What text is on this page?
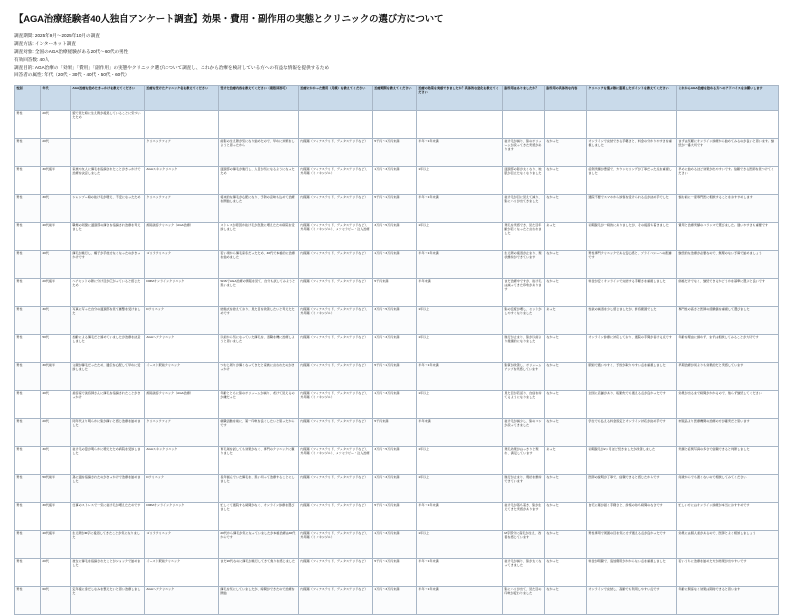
【AGA治療経験者40人独自アンケート調査】効果・費用・副作用の実態とクリニックの選び方について
調査期間: 2025年9月～2025年10月の調査
調査方法: インターネット調査
調査対象: 全国のAGA治療経験がある20代～60代の男性
有効回答数: 40人
調査目的: AGA治療の「効果」「費用」「副作用」の実態やクリニック選びについて調査し、これから治療を検討している方への有益な情報を提供するため
回答者の属性: 年代（20代・30代・40代・50代・60代）
性別	年代	AGA治療を始めたきっかけを教えてください	治療を受けたクリニック名を教えてください	受けた治療内容を教えてください（複数回答可）	治療にかかった費用（月額）を教えてください	治療期間を教えてください	治療の効果を実感できましたか？具体的な変化を教えてください	副作用はありましたか？	副作用の具体的な内容	クリニックを選ぶ際に重視したポイントを教えてください	これからAGA治療を始める方へのアドバイスをお願いします

男性	20代	鏡で見た時に生え際が後退していることに気づいたため									

男性	20代		クリニックフォア	前髪の生え際が気になり始めたので、早めに対策をしようと思ったから	内服薬（フィナステリド、デュタステリドなど）	5千円～1万円未満	半年～1年未満	抜け毛が減り、髪のボリュームが戻ってきた実感があります	なかった	オンラインで完結できる手軽さと、料金の分かりやすさを重視しました	まずは気軽にオンライン診療から始めてみるのが良いと思います。継続が一番大切です

男性	30代後半	家族や友人に薄毛を指摘されたことがきっかけで治療を決意しました	AGAスキンクリニック	頭頂部の薄毛が進行し、人目が気になるようになったため	内服薬（フィナステリド、デュタステリドなど）、外用薬（ミノキシジル）	1万円～3万円未満	1年以上	頭頂部の髪が太くなり、地肌が目立たなくなりました	なかった	症例実績が豊富で、カウンセリングが丁寧だった点を重視しました	早めに始めるほど効果が出やすいです。信頼できる医師を見つけてください

男性	30代	シャンプー時の抜け毛が増え、不安になったため	クリニックフォア	将来的な薄毛が心配になり、予防の意味も込めて治療を開始しました	内服薬（フィナステリド、デュタステリドなど）	5千円～1万円未満	半年～1年未満	抜け毛が目に見えて減り、髪にハリが出てきました	なかった	通院不要でスマホから診察を受けられる点が決め手でした	悩む前に一度専門医に相談することをおすすめします

男性	40代前半	職場の同僚に頭頂部の薄さを指摘され治療を考えました	湘南美容クリニック（AGA治療）	ストレスが原因か抜け毛が急激に増えたため病院を受診しました	内服薬（フィナステリド、デュタステリドなど）、外用薬（ミノキシジル）、メソセラピー・注入治療	3万円～5万円未満	1年以上	発毛を実感でき、見た目年齢が若くなったと言われました	あった	初期脱毛が一時的にありましたが、その後落ち着きました	費用と治療実績のバランスで選びました。通いやすさも重要です

男性	40代	薄毛が進行し、帽子が手放せなくなったのがきっかけです	ゴリラクリニック	若い頃から薄毛家系だったため、40代で本格的に治療を始めました	内服薬（フィナステリド、デュタステリドなど）	1万円～3万円未満	半年～1年未満	生え際の後退が止まり、現状維持ができています	なかった	男性専門クリニックである安心感と、プライバシーへの配慮です	継続的な治療が必要なので、無理のない予算で始めましょう

男性	20代後半	ヘアセットの際に分け目が広がっていると感じたため	DMMオンラインクリニック	SNSでAGA治療の情報を見て、自分も試してみようと思いました	内服薬（フィナステリド、デュタステリドなど）	5千円未満	半年未満	まだ治療中ですが、抜け毛は減ってきた印象があります	なかった	料金が安くオンラインで完結する手軽さを重視しました	価格だけでなく、継続できるかどうかを基準に選ぶと良いです

男性	30代	写真に写った自分の頭頂部を見て衝撃を受けました	Dクリニック	結婚式を控えており、見た目を改善したいと考えたためです	内服薬（フィナステリド、デュタステリドなど）、外用薬（ミノキシジル）	3万円～5万円未満	1年以上	髪の密度が増し、セットがしやすくなりました	あった	性欲の減退を少し感じましたが、許容範囲でした	専門性の高さと医師の経験値を重視して選びました

男性	50代	加齢による薄毛だと諦めていましたが治療を決意しました	AGAヘアクリニック	以前から気になっていた薄毛を、退職を機に治療しようと思いました	内服薬（フィナステリド、デュタステリドなど）	1万円～3万円未満	1年以上	進行が止まり、髪が以前より健康的になりました	なかった	オンライン診療に対応しており、通院の手間が省ける点です	年齢を理由に諦めず、まずは相談してみることが大切です

男性	30代前半	父親が薄毛だったため、遺伝を心配して早めに受診しました	イースト駅前クリニック	つむじ周りが薄くなってきたと家族に言われたのがきっかけ	内服薬（フィナステリド、デュタステリドなど）	5千円～1万円未満	半年～1年未満	髪質が改善し、ボリュームアップを実感しています	なかった	駅前で通いやすく、予約が取りやすい点を重視しました	早期治療が何よりも効果的だと実感しています

男性	40代	美容室で美容師さんに薄毛を指摘されたことがきっかけ	湘南美容クリニック（AGA治療）	年齢とともに髪のボリュームが減り、老けて見えるのが嫌だった	内服薬（フィナステリド、デュタステリドなど）、外用薬（ミノキシジル）	1万円～3万円未満	1年以上	見た目が若返り、自信を持てるようになりました	なかった	全国に店舗があり、転勤先でも通える点が良かったです	効果が出るまで時間がかかるので、焦らず継続してください

男性	20代	同年代より明らかに髪が薄いと感じ治療を始めました	クリニックフォア	就職活動を前に、第一印象を良くしたいと思ったからです	内服薬（フィナステリド、デュタステリドなど）	5千円未満	半年未満	抜け毛が減少し、髪のコシが戻ってきました	なかった	学生でも払える料金設定とオンライン対応が決め手です	市販品より医療機関の治療の方が確実だと思います

男性	30代	抜け毛の量が明らかに増えたため病院を受診しました	AGAスキンクリニック	育毛剤を試しても効果がなく、専門のクリニックに頼りました	内服薬（フィナステリド、デュタステリドなど）、外用薬（ミノキシジル）、メソセラピー・注入治療	3万円～5万円未満	1年以上	発毛効果がはっきりと現れ、満足しています	あった	初期脱毛が2ヶ月ほど続きましたが改善しました	実績と症例写真の多さで信頼できると判断しました

男性	50代前半	孫に頭を指摘されたのがきっかけで治療を始めました	Dクリニック	長年悩んでいた薄毛を、思い切って治療することにしました	内服薬（フィナステリド、デュタステリドなど）	1万円～3万円未満	1年以上	進行が止まり、現状を維持できています	なかった	医師の説明が丁寧で、信頼できると感じたからです	何歳からでも遅くないので相談してみてください

男性	30代後半	仕事のストレスで一気に抜け毛が増えたためです	DMMオンラインクリニック	忙しくて通院する時間がなく、オンライン診療を選びました	内服薬（フィナステリド、デュタステリドなど）	5千円～1万円未満	半年～1年未満	抜け毛が落ち着き、髪が生えてきた実感があります	なかった	自宅に薬が届く手軽さと、診察の待ち時間のなさです	忙しい方にはオンライン診療が本当におすすめです

男性	40代後半	生え際がM字に後退してきたことが気になりました	ゴリラクリニック	20代から薄毛が気になっていましたが本格治療は40代からです	内服薬（フィナステリド、デュタステリドなど）、外用薬（ミノキシジル）	1万円～3万円未満	1年以上	M字部分に産毛が生え、改善を感じています	なかった	男性専用で周囲の目を気にせず通える点が良かったです	効果には個人差があるので、医師とよく相談しましょう

男性	20代	彼女に薄毛を指摘されたことがショックで始めました	イースト駅前クリニック	まだ20代なのに薄毛が進行してきて焦りを感じました	内服薬（フィナステリド、デュタステリドなど）	5千円～1万円未満	半年～1年未満	抜け毛が減り、髪が太くなってきました	なかった	料金が明瞭で、追加費用がかからない点を重視しました	若いうちに治療を始めた方が結果が出やすいです

男性	60代	定年後に身だしなみを整えたいと思い治療しました	AGAヘアクリニック	薄毛を気にしていましたが、時間ができたので治療を開始	内服薬（フィナステリド、デュタステリドなど）	1万円～3万円未満	半年～1年未満	髪にハリが出て、見た目の印象が変わりました	なかった	オンラインで完結し、高齢でも利用しやすい点です	年齢に関係なく効果は期待できると思います
